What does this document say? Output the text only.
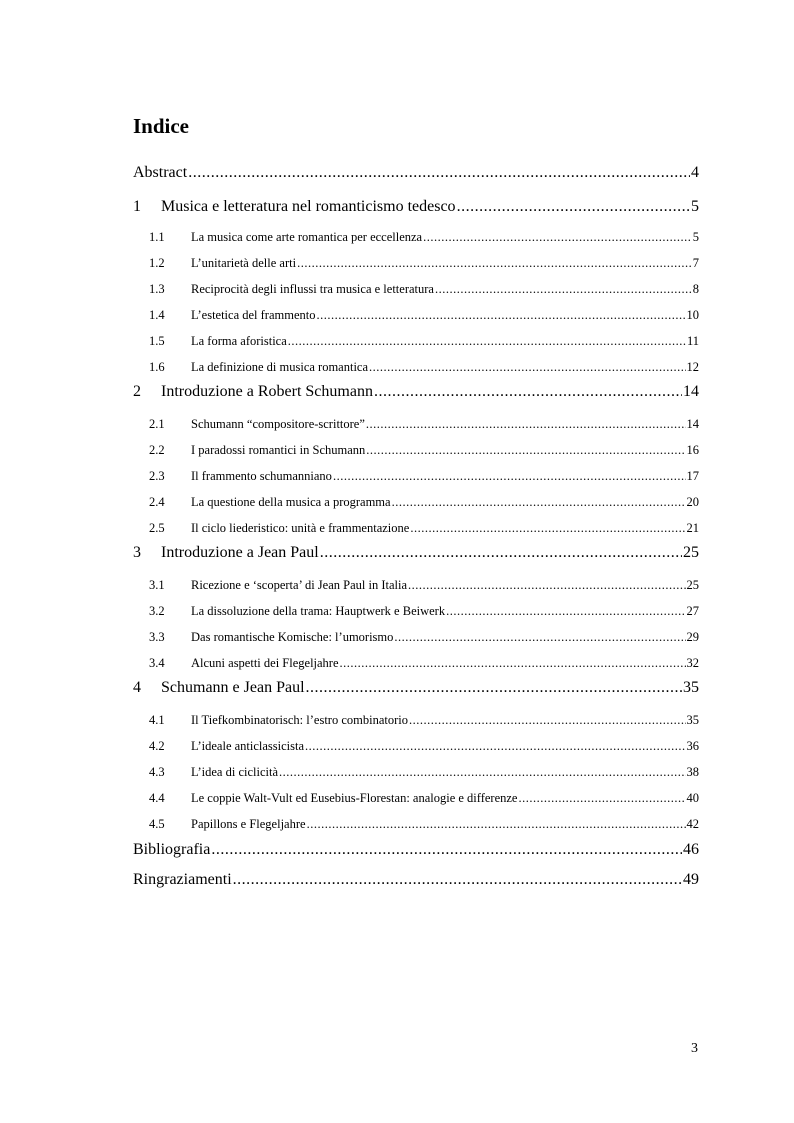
Indice
Abstract .....	4
1	Musica e letteratura nel romanticismo tedesco .....	5
1.1	La musica come arte romantica per eccellenza .....	5
1.2	L’unitarietà delle arti .....	7
1.3	Reciprocità degli influssi tra musica e letteratura .....	8
1.4	L’estetica del frammento .....	10
1.5	La forma aforistica .....	11
1.6	La definizione di musica romantica .....	12
2	Introduzione a Robert Schumann .....	14
2.1	Schumann “compositore-scrittore” .....	14
2.2	I paradossi romantici in Schumann .....	16
2.3	Il frammento schumanniano .....	17
2.4	La questione della musica a programma .....	20
2.5	Il ciclo liederistico: unità e frammentazione .....	21
3	Introduzione a Jean Paul .....	25
3.1	Ricezione e ‘scoperta’ di Jean Paul in Italia .....	25
3.2	La dissoluzione della trama: Hauptwerk e Beiwerk .....	27
3.3	Das romantische Komische: l’umorismo .....	29
3.4	Alcuni aspetti dei Flegeljahre .....	32
4	Schumann e Jean Paul .....	35
4.1	Il Tiefkombinatorisch: l’estro combinatorio .....	35
4.2	L’ideale anticlassicista .....	36
4.3	L’idea di ciclicità .....	38
4.4	Le coppie Walt-Vult ed Eusebius-Florestan: analogie e differenze .....	40
4.5	Papillons e Flegeljahre .....	42
Bibliografia .....	46
Ringraziamenti .....	49
3
